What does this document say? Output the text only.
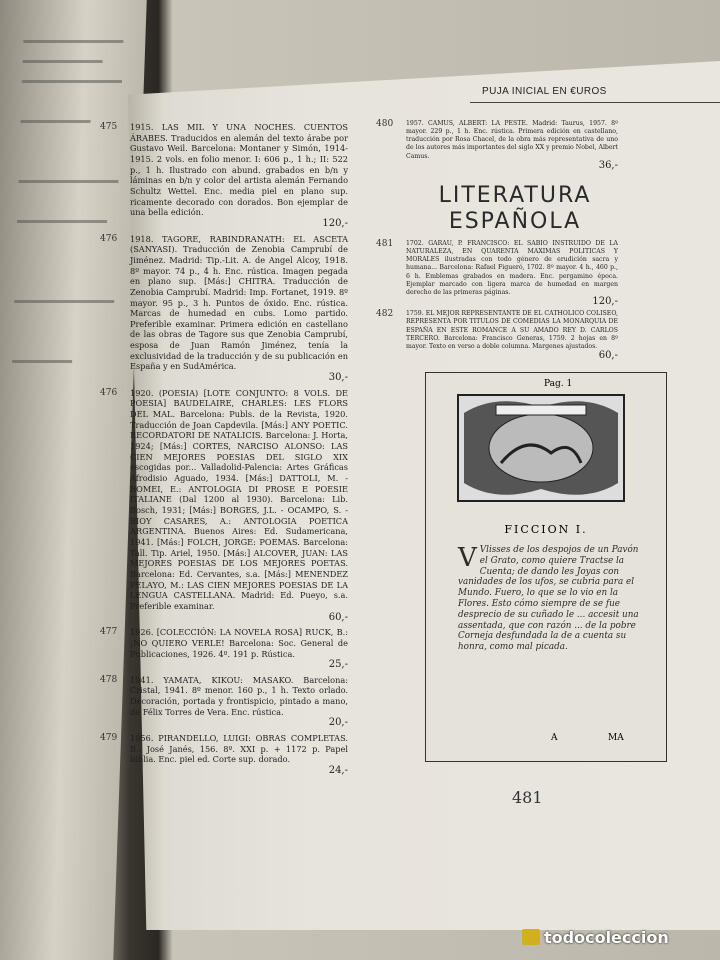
PUJA INICIAL EN €UROS
475 1915. LAS MIL Y UNA NOCHES. CUENTOS ÁRABES. Traducidos en alemán del texto árabe por Gustavo Weil. Barcelona: Montaner y Simón, 1914-1915. 2 vols. en folio menor. I: 606 p., 1 h.; II: 522 p., 1 h. Ilustrado con abund. grabados en b/n y láminas en b/n y color del artista alemán Fernando Schultz Wettel. Enc. media piel en plano sup. ricamente decorado con dorados. Bon ejemplar de una bella edición.

120,-
476 1918. TAGORE, RABINDRANATH: EL ASCETA (SANYASI). Traducción de Zenobia Camprubí de Jiménez. Madrid: Tip.-Lit. A. de Angel Alcoy, 1918. 8º mayor. 74 p., 4 h. Enc. rústica. Imagen pegada en plano sup. [Más:] CHITRA. Traducción de Zenobia Camprubí. Madrid: Imp. Fortanet, 1919. 8º mayor. 95 p., 3 h. Puntos de óxido. Enc. rústica. Marcas de humedad en cubs. Lomo partido. Preferible examinar. Primera edición en castellano de las obras de Tagore sus que Zenobia Camprubí, esposa de Juan Ramón Jiménez, tenía la exclusividad de la traducción y de su publicación en España y en SudAmérica.

30,-
476 1920. (POESIA) [LOTE CONJUNTO: 8 VOLS. DE POESIA] BAUDELAIRE, CHARLES: LES FLORS DEL MAL. Barcelona: Publs. de la Revista, 1920. Traducción de Joan Capdevila. [Más:] ANY POETIC. RECORDATORI DE NATALICIS. Barcelona: J. Horta, 1924; [Más:] CORTES, NARCISO ALONSO: LAS CIEN MEJORES POESIAS DEL SIGLO XIX escogidas por... Valladolid-Palencia: Artes Gráficas Afrodisio Aguado, 1934. [Más:] DATTOLI, M. - ROMEI, E.: ANTOLOGIA DI PROSE E POESIE ITALIANE (Dal 1200 al 1930). Barcelona: Lib. Bosch, 1931; [Más:] BORGES, J.L. - OCAMPO, S. - BIOY CASARES, A.: ANTOLOGIA POETICA ARGENTINA. Buenos Aires: Ed. Sudamericana, 1941. [Más:] FOLCH, JORGE: POEMAS. Barcelona: Tall. Tip. Ariel, 1950. [Más:] ALCOVER, JUAN: LAS MEJORES POESIAS DE LOS MEJORES POETAS. Barcelona: Ed. Cervantes, s.a. [Más:] MENENDEZ PELAYO, M.: LAS CIEN MEJORES POESIAS DE LA LENGUA CASTELLANA. Madrid: Ed. Pueyo, s.a. Preferible examinar.

60,-
477 1926. [COLECCIÓN: LA NOVELA ROSA] RUCK, B.: ¡NO QUIERO VERLE! Barcelona: Soc. General de Publicaciones, 1926. 4º. 191 p. Rústica.

25,-
478 1941. YAMATA, KIKOU: MASAKO. Barcelona: Cristal, 1941. 8º menor. 160 p., 1 h. Texto orlado. Decoración, portada y frontispicio, pintado a mano, de Félix Torres de Vera. Enc. rústica.

20,-
479 1956. PIRANDELLO, LUIGI: OBRAS COMPLETAS. B.: José Janés, 156. 8º. XXI p. + 1172 p. Papel biblia. Enc. piel ed. Corte sup. dorado.

24,-
480 1957. CAMUS, ALBERT: LA PESTE. Madrid: Taurus, 1957. 8º mayor. 229 p., 1 h. Enc. rústica. Primera edición en castellano, traducción por Rosa Chacel, de la obra más representativa de uno de los autores más importantes del siglo XX y premio Nobel, Albert Camus.

36,-
LITERATURA ESPAÑOLA
481 1702. GARAU, P. FRANCISCO: EL SABIO INSTRUIDO DE LA NATURALEZA, EN QUARENTA MAXIMAS POLITICAS Y MORALES ilustradas con todo género de erudición sacra y humana... Barcelona: Rafael Figueró, 1702. 8º mayor. 4 h., 460 p., 6 h. Emblemas grabados en madera. Enc. pergamino época. Ejemplar marcado con ligera marca de humedad en margen derecho de las primeras páginas.

120,-
482 1759. EL MEJOR REPRESENTANTE DE EL CATHOLICO COLISEO, REPRESENTA POR TITULOS DE COMEDIAS LA MONARQUIA DE ESPAÑA EN ESTE ROMANCE A SU AMADO REY D. CARLOS TERCERO. Barcelona: Francisco Generas, 1759. 2 hojas en 8º mayor. Texto en verso a doble columna. Margenes ajustados.

60,-
Pag. 1
FICCION I.
V Vlisses de los despojos de un Pavón el Grato, como quiere Tractse la Cuenta; de dando les Joyas con vanidades de los ufos, se cubria para el Mundo. Fuero, lo que se lo vio en la Flores. Esto cómo siempre de se fue desprecio de su cuñado le ... accesit una assentada, que con razón ... de la pobre Corneja desfundada la de a cuenta su honra, como mal picada.
A	MA
481
todocoleccion
